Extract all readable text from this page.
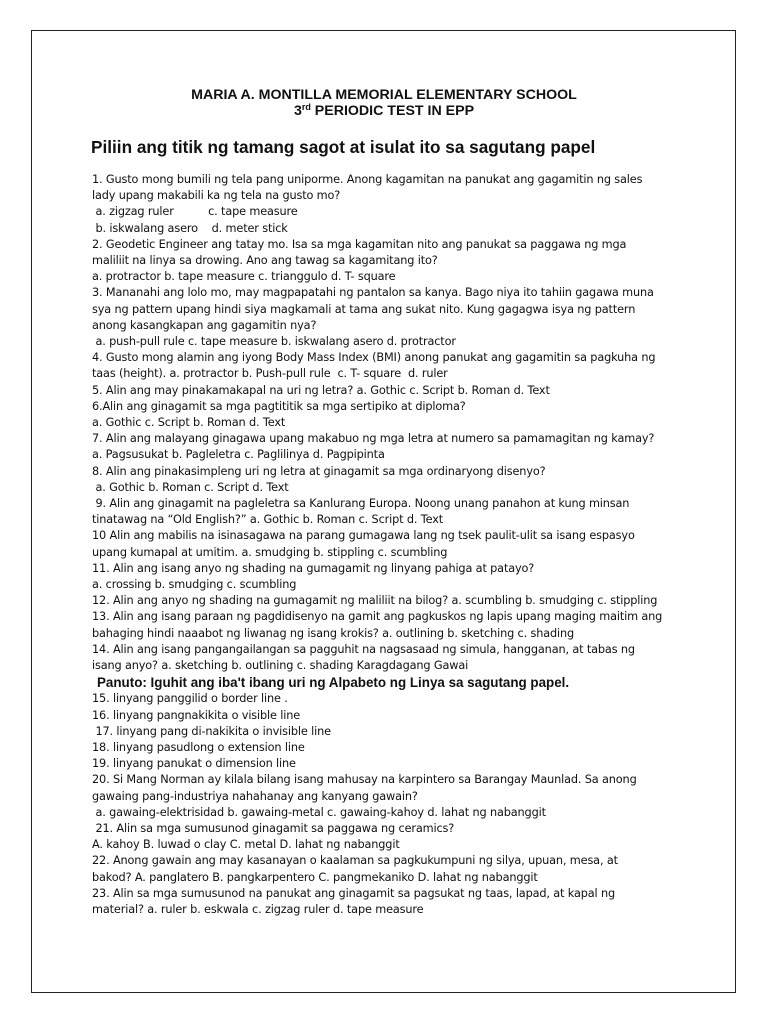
MARIA A. MONTILLA MEMORIAL ELEMENTARY SCHOOL
3rd PERIODIC TEST IN EPP
Piliin ang titik ng tamang sagot at isulat ito sa sagutang papel
1. Gusto mong bumili ng tela pang uniporme. Anong kagamitan na panukat ang gagamitin ng sales
lady upang makabili ka ng tela na gusto mo?
a. zigzag ruler          c. tape measure
b. iskwalang asero    d. meter stick
2. Geodetic Engineer ang tatay mo. Isa sa mga kagamitan nito ang panukat sa paggawa ng mga
maliliit na linya sa drowing. Ano ang tawag sa kagamitang ito?
a. protractor b. tape measure c. trianggulo d. T- square
3. Mananahi ang lolo mo, may magpapatahi ng pantalon sa kanya. Bago niya ito tahiin gagawa muna
sya ng pattern upang hindi siya magkamali at tama ang sukat nito. Kung gagagwa isya ng pattern
anong kasangkapan ang gagamitin nya?
a. push-pull rule c. tape measure b. iskwalang asero d. protractor
4. Gusto mong alamin ang iyong Body Mass Index (BMI) anong panukat ang gagamitin sa pagkuha ng
taas (height). a. protractor b. Push-pull rule  c. T- square  d. ruler
5. Alin ang may pinakamakapal na uri ng letra? a. Gothic c. Script b. Roman d. Text
6.Alin ang ginagamit sa mga pagtititik sa mga sertipiko at diploma?
a. Gothic c. Script b. Roman d. Text
7. Alin ang malayang ginagawa upang makabuo ng mga letra at numero sa pamamagitan ng kamay?
a. Pagsusukat b. Pagleletra c. Paglilinya d. Pagpipinta
8. Alin ang pinakasimpleng uri ng letra at ginagamit sa mga ordinaryong disenyo?
a. Gothic b. Roman c. Script d. Text
9. Alin ang ginagamit na pagleletra sa Kanlurang Europa. Noong unang panahon at kung minsan
tinatawag na “Old English?” a. Gothic b. Roman c. Script d. Text
10 Alin ang mabilis na isinasagawa na parang gumagawa lang ng tsek paulit-ulit sa isang espasyo
upang kumapal at umitim. a. smudging b. stippling c. scumbling
11. Alin ang isang anyo ng shading na gumagamit ng linyang pahiga at patayo?
a. crossing b. smudging c. scumbling
12. Alin ang anyo ng shading na gumagamit ng maliliit na bilog? a. scumbling b. smudging c. stippling
13. Alin ang isang paraan ng pagdidisenyo na gamit ang pagkuskos ng lapis upang maging maitim ang
bahaging hindi naaabot ng liwanag ng isang krokis? a. outlining b. sketching c. shading
14. Alin ang isang pangangailangan sa pagguhit na nagsasaad ng simula, hangganan, at tabas ng
isang anyo? a. sketching b. outlining c. shading Karagdagang Gawai
Panuto: Iguhit ang iba't ibang uri ng Alpabeto ng Linya sa sagutang papel.
15. linyang panggilid o border line .
16. linyang pangnakikita o visible line
17. linyang pang di-nakikita o invisible line
18. linyang pasudlong o extension line
19. linyang panukat o dimension line
20. Si Mang Norman ay kilala bilang isang mahusay na karpintero sa Barangay Maunlad. Sa anong
gawaing pang-industriya nahahanay ang kanyang gawain?
a. gawaing-elektrisidad b. gawaing-metal c. gawaing-kahoy d. lahat ng nabanggit
21. Alin sa mga sumusunod ginagamit sa paggawa ng ceramics?
A. kahoy B. luwad o clay C. metal D. lahat ng nabanggit
22. Anong gawain ang may kasanayan o kaalaman sa pagkukumpuni ng silya, upuan, mesa, at
bakod? A. panglatero B. pangkarpentero C. pangmekaniko D. lahat ng nabanggit
23. Alin sa mga sumusunod na panukat ang ginagamit sa pagsukat ng taas, lapad, at kapal ng
material? a. ruler b. eskwala c. zigzag ruler d. tape measure
